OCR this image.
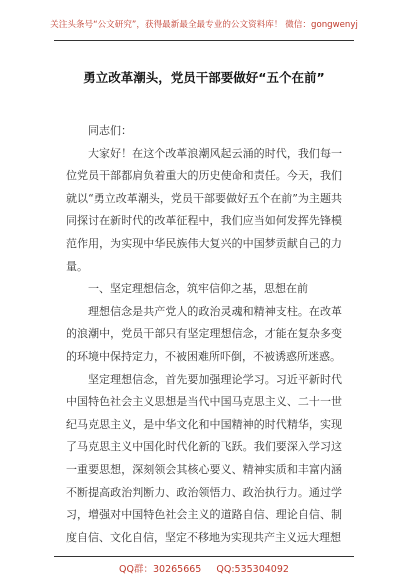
关注头条号“公文研究”，获得最新最全最专业的公文资料库！ 微信：gongwenyj
勇立改革潮头，党员干部要做好“五个在前”

同志们：

大家好！在这个改革浪潮风起云涌的时代，我们每一位党员干部都肩负着重大的历史使命和责任。今天，我们就以“勇立改革潮头，党员干部要做好五个在前”为主题共同探讨在新时代的改革征程中，我们应当如何发挥先锋模范作用，为实现中华民族伟大复兴的中国梦贡献自己的力量。

一、坚定理想信念，筑牢信仰之基，思想在前

理想信念是共产党人的政治灵魂和精神支柱。在改革的浪潮中，党员干部只有坚定理想信念，才能在复杂多变的环境中保持定力，不被困难所吓倒，不被诱惑所迷惑。

坚定理想信念，首先要加强理论学习。习近平新时代中国特色社会主义思想是当代中国马克思主义、二十一世纪马克思主义，是中华文化和中国精神的时代精华，实现了马克思主义中国化时代化新的飞跃。我们要深入学习这一重要思想，深刻领会其核心要义、精神实质和丰富内涵不断提高政治判断力、政治领悟力、政治执行力。通过学习，增强对中国特色社会主义的道路自信、理论自信、制度自信、文化自信，坚定不移地为实现共产主义远大理想

QQ群：30265665 QQ:535304092
